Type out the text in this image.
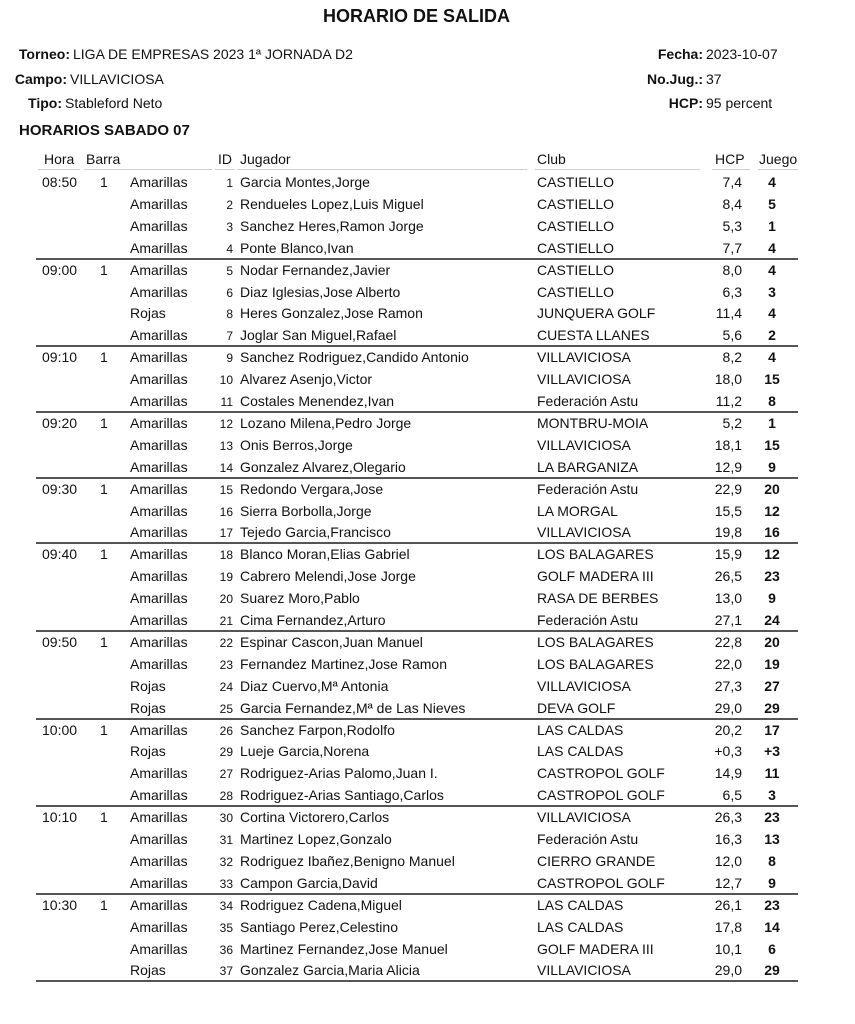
HORARIO DE SALIDA
Torneo: LIGA DE EMPRESAS 2023 1ª JORNADA D2
Campo: VILLAVICIOSA
Tipo: Stableford Neto
Fecha: 2023-10-07
No.Jug.: 37
HCP: 95 percent
HORARIOS SABADO 07
Hora Barra	ID Jugador	Club	HCP Juego
08:50 1 Amarillas	1 Garcia Montes,Jorge	CASTIELLO	7,4	4
Amarillas	2 Rendueles Lopez,Luis Miguel	CASTIELLO	8,4	5
Amarillas	3 Sanchez Heres,Ramon Jorge	CASTIELLO	5,3	1
Amarillas	4 Ponte Blanco,Ivan	CASTIELLO	7,7	4
09:00 1 Amarillas	5 Nodar Fernandez,Javier	CASTIELLO	8,0	4
Amarillas	6 Diaz Iglesias,Jose Alberto	CASTIELLO	6,3	3
Rojas	8 Heres Gonzalez,Jose Ramon	JUNQUERA GOLF	11,4	4
Amarillas	7 Joglar San Miguel,Rafael	CUESTA LLANES	5,6	2
09:10 1 Amarillas	9 Sanchez Rodriguez,Candido Antonio	VILLAVICIOSA	8,2	4
Amarillas	10 Alvarez Asenjo,Victor	VILLAVICIOSA	18,0	15
Amarillas	11 Costales Menendez,Ivan	Federación Astu	11,2	8
09:20 1 Amarillas	12 Lozano Milena,Pedro Jorge	MONTBRU-MOIA	5,2	1
Amarillas	13 Onis Berros,Jorge	VILLAVICIOSA	18,1	15
Amarillas	14 Gonzalez Alvarez,Olegario	LA BARGANIZA	12,9	9
09:30 1 Amarillas	15 Redondo Vergara,Jose	Federación Astu	22,9	20
Amarillas	16 Sierra Borbolla,Jorge	LA MORGAL	15,5	12
Amarillas	17 Tejedo Garcia,Francisco	VILLAVICIOSA	19,8	16
09:40 1 Amarillas	18 Blanco Moran,Elias Gabriel	LOS BALAGARES	15,9	12
Amarillas	19 Cabrero Melendi,Jose Jorge	GOLF MADERA III	26,5	23
Amarillas	20 Suarez Moro,Pablo	RASA DE BERBES	13,0	9
Amarillas	21 Cima Fernandez,Arturo	Federación Astu	27,1	24
09:50 1 Amarillas	22 Espinar Cascon,Juan Manuel	LOS BALAGARES	22,8	20
Amarillas	23 Fernandez Martinez,Jose Ramon	LOS BALAGARES	22,0	19
Rojas	24 Diaz Cuervo,Mª Antonia	VILLAVICIOSA	27,3	27
Rojas	25 Garcia Fernandez,Mª de Las Nieves	DEVA GOLF	29,0	29
10:00 1 Amarillas	26 Sanchez Farpon,Rodolfo	LAS CALDAS	20,2	17
Rojas	29 Lueje Garcia,Norena	LAS CALDAS	+0,3 +3
Amarillas	27 Rodriguez-Arias Palomo,Juan I.	CASTROPOL GOLF	14,9	11
Amarillas	28 Rodriguez-Arias Santiago,Carlos	CASTROPOL GOLF	6,5	3
10:10 1 Amarillas	30 Cortina Victorero,Carlos	VILLAVICIOSA	26,3	23
Amarillas	31 Martinez Lopez,Gonzalo	Federación Astu	16,3	13
Amarillas	32 Rodriguez Ibañez,Benigno Manuel	CIERRO GRANDE	12,0	8
Amarillas	33 Campon Garcia,David	CASTROPOL GOLF	12,7	9
10:30 1 Amarillas	34 Rodriguez Cadena,Miguel	LAS CALDAS	26,1	23
Amarillas	35 Santiago Perez,Celestino	LAS CALDAS	17,8	14
Amarillas	36 Martinez Fernandez,Jose Manuel	GOLF MADERA III	10,1	6
Rojas	37 Gonzalez Garcia,Maria Alicia	VILLAVICIOSA	29,0	29
